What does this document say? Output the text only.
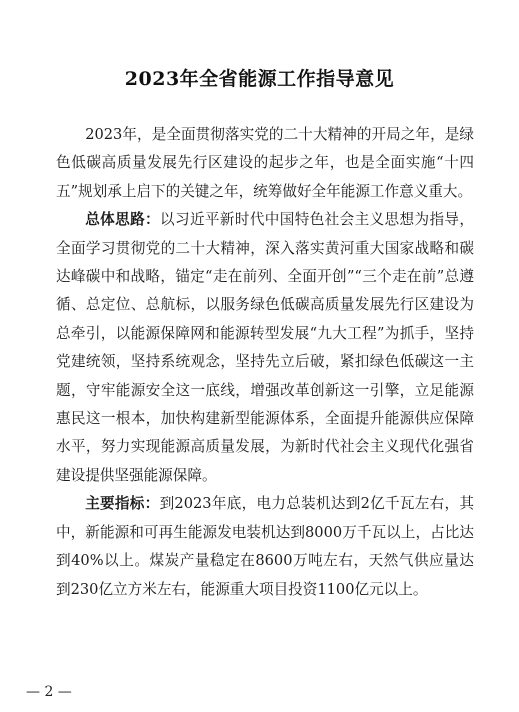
2023年全省能源工作指导意见

2023年，是全面贯彻落实党的二十大精神的开局之年，是绿色低碳高质量发展先行区建设的起步之年，也是全面实施“十四五”规划承上启下的关键之年，统筹做好全年能源工作意义重大。

总体思路：以习近平新时代中国特色社会主义思想为指导，全面学习贯彻党的二十大精神，深入落实黄河重大国家战略和碳达峰碳中和战略，锚定“走在前列、全面开创”“三个走在前”总遵循、总定位、总航标，以服务绿色低碳高质量发展先行区建设为总牵引，以能源保障网和能源转型发展“九大工程”为抓手，坚持党建统领，坚持系统观念，坚持先立后破，紧扣绿色低碳这一主题，守牢能源安全这一底线，增强改革创新这一引擎，立足能源惠民这一根本，加快构建新型能源体系，全面提升能源供应保障水平，努力实现能源高质量发展，为新时代社会主义现代化强省建设提供坚强能源保障。

主要指标：到2023年底，电力总装机达到2亿千瓦左右，其中，新能源和可再生能源发电装机达到8000万千瓦以上，占比达到40%以上。煤炭产量稳定在8600万吨左右，天然气供应量达到230亿立方米左右，能源重大项目投资1100亿元以上。

— 2 —
